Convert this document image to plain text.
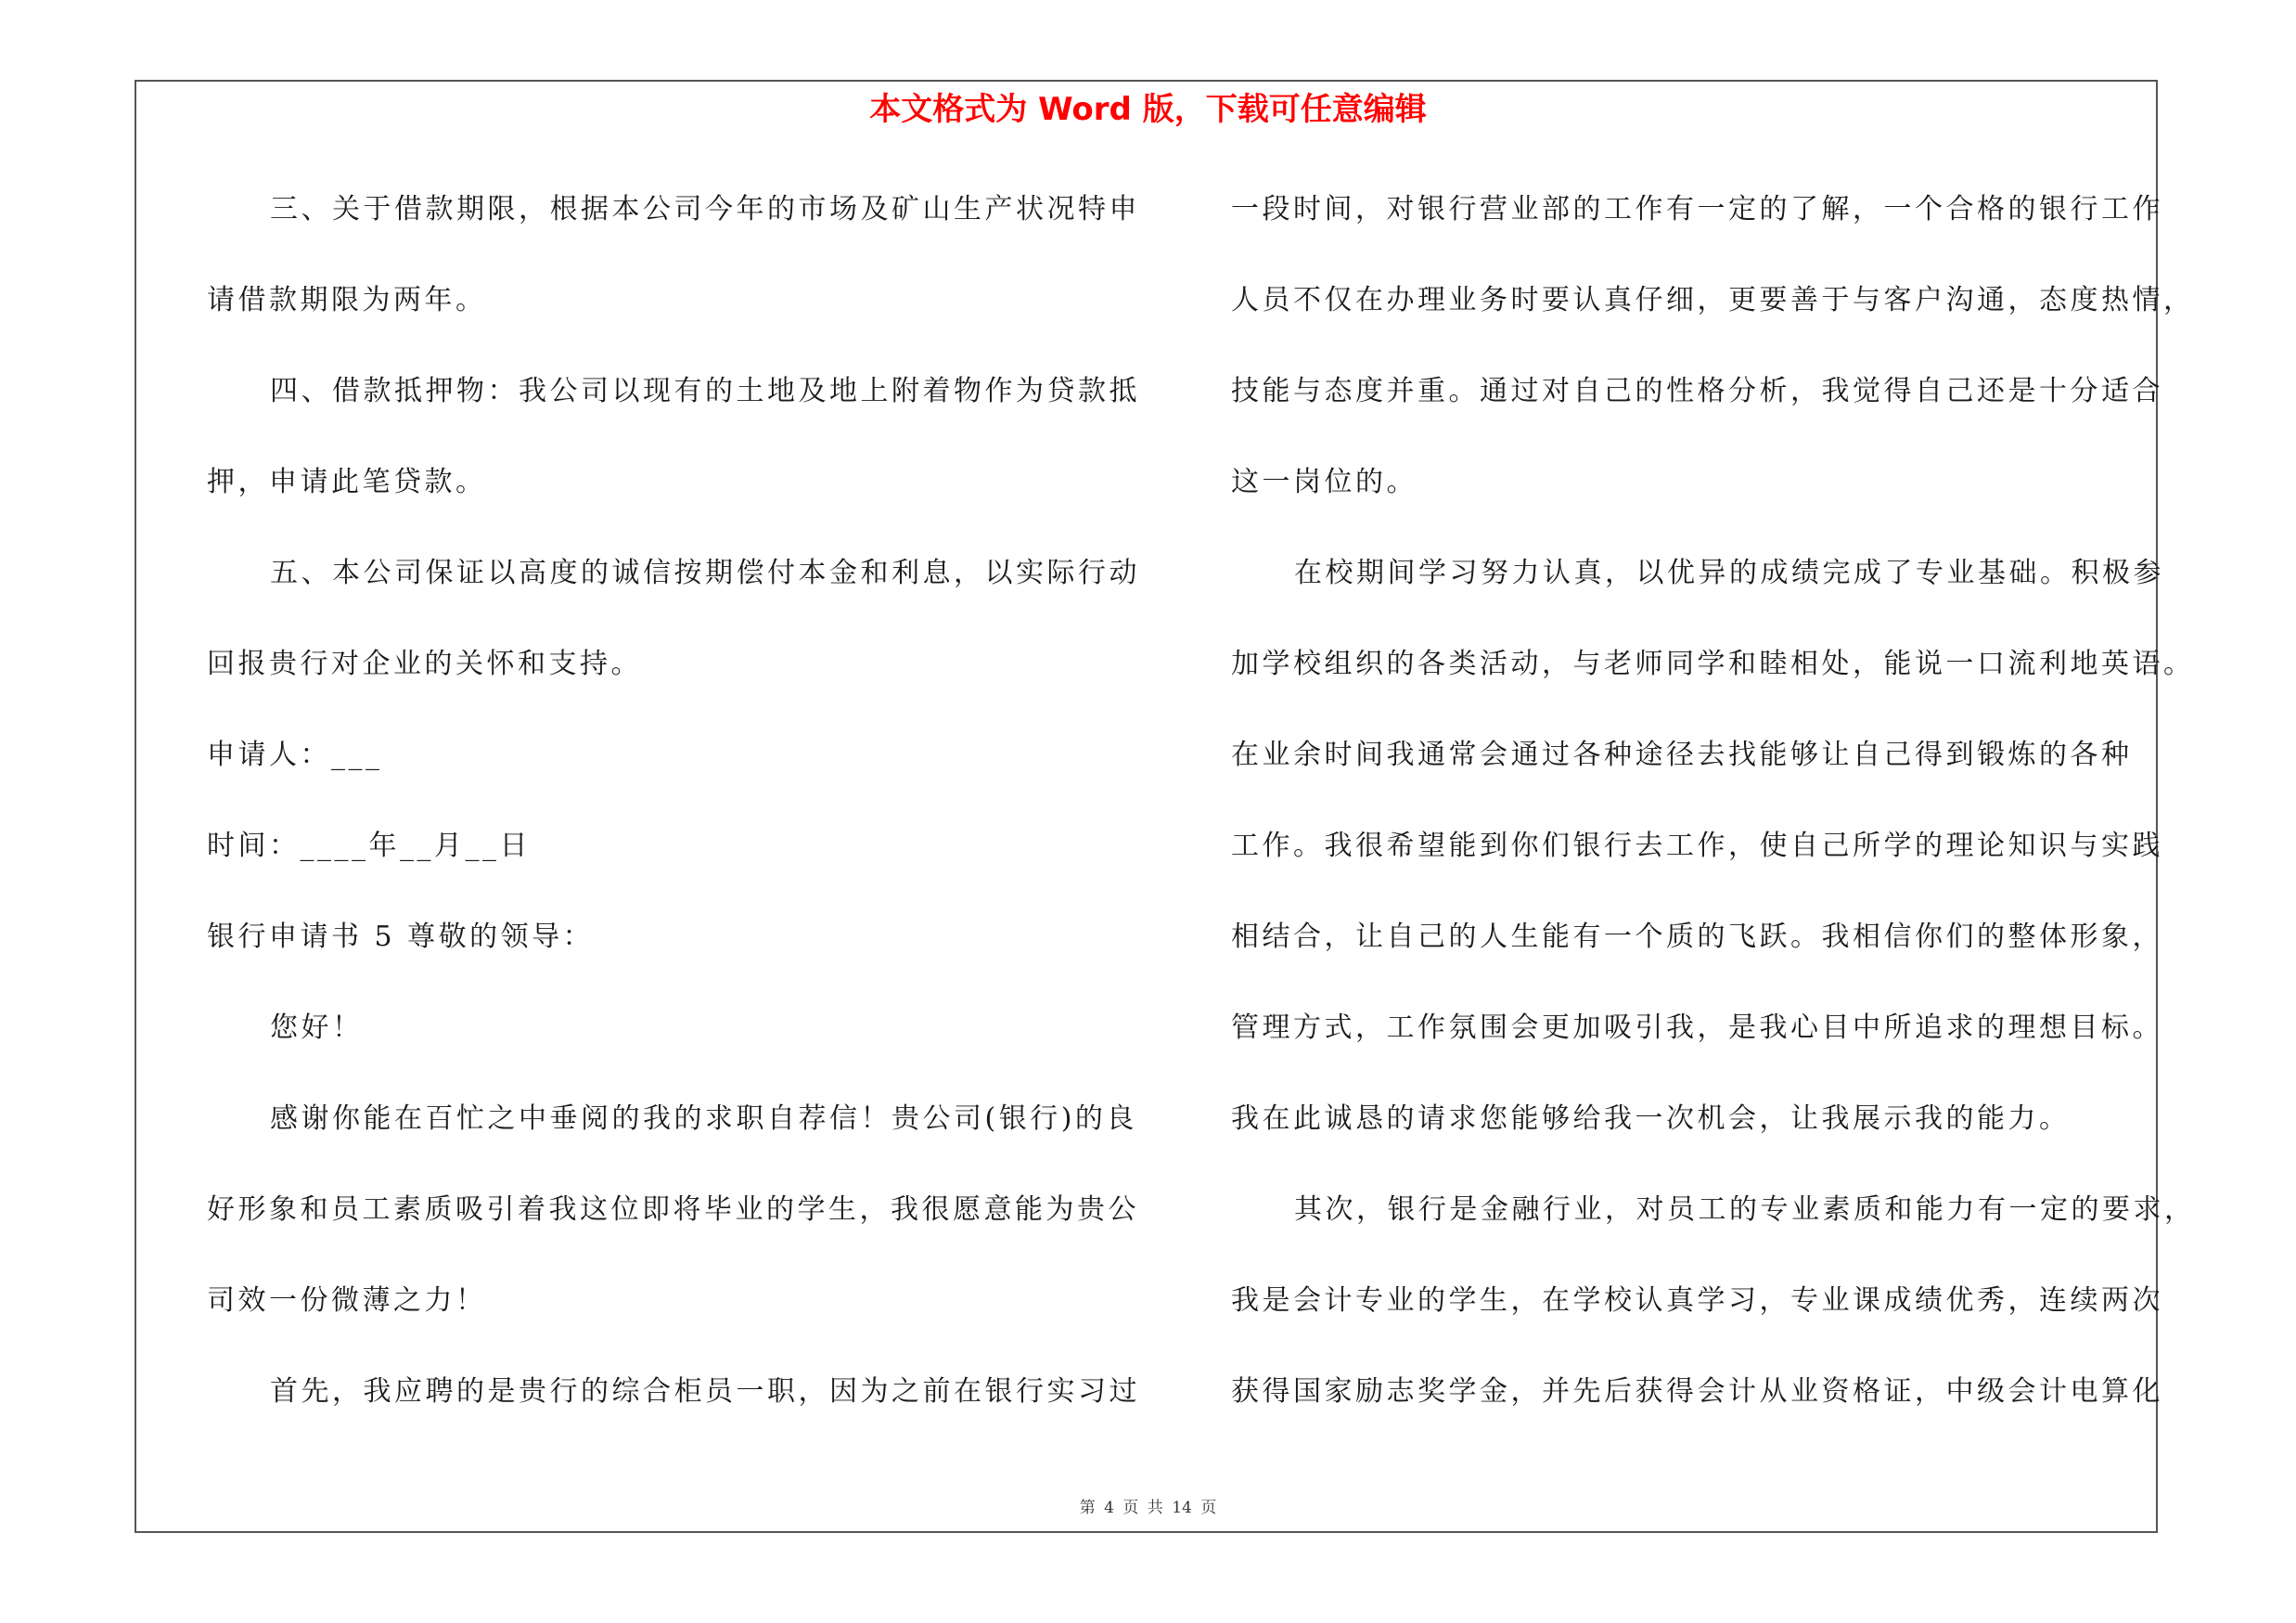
本文格式为 Word 版，下载可任意编辑
三、关于借款期限，根据本公司今年的市场及矿山生产状况特申
请借款期限为两年。
四、借款抵押物：我公司以现有的土地及地上附着物作为贷款抵
押，申请此笔贷款。
五、本公司保证以高度的诚信按期偿付本金和利息，以实际行动
回报贵行对企业的关怀和支持。
申请人：___
时间：____年__月__日
银行申请书 5 尊敬的领导：
您好！
感谢你能在百忙之中垂阅的我的求职自荐信！贵公司(银行)的良
好形象和员工素质吸引着我这位即将毕业的学生，我很愿意能为贵公
司效一份微薄之力！
首先，我应聘的是贵行的综合柜员一职，因为之前在银行实习过
一段时间，对银行营业部的工作有一定的了解，一个合格的银行工作
人员不仅在办理业务时要认真仔细，更要善于与客户沟通，态度热情，
技能与态度并重。通过对自己的性格分析，我觉得自己还是十分适合
这一岗位的。
在校期间学习努力认真，以优异的成绩完成了专业基础。积极参
加学校组织的各类活动，与老师同学和睦相处，能说一口流利地英语。
在业余时间我通常会通过各种途径去找能够让自己得到锻炼的各种
工作。我很希望能到你们银行去工作，使自己所学的理论知识与实践
相结合，让自己的人生能有一个质的飞跃。我相信你们的整体形象，
管理方式，工作氛围会更加吸引我，是我心目中所追求的理想目标。
我在此诚恳的请求您能够给我一次机会，让我展示我的能力。
其次，银行是金融行业，对员工的专业素质和能力有一定的要求，
我是会计专业的学生，在学校认真学习，专业课成绩优秀，连续两次
获得国家励志奖学金，并先后获得会计从业资格证，中级会计电算化
第 4 页 共 14 页
